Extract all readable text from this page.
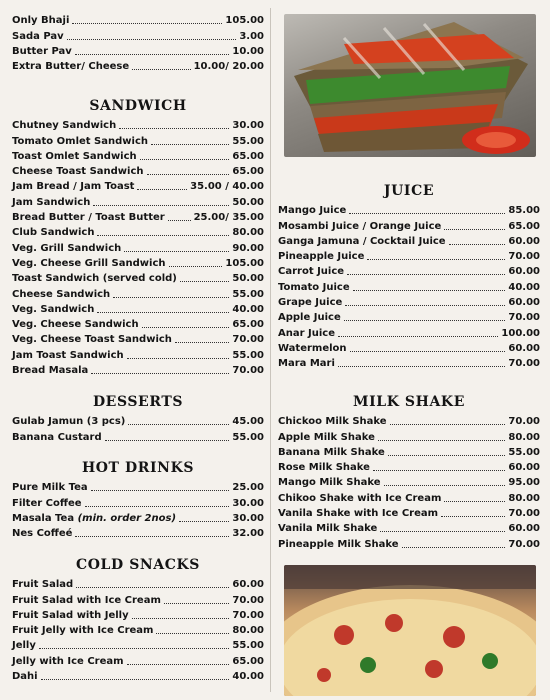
Only Bhaji	105.00
Sada Pav	3.00
Butter Pav	10.00
Extra Butter/ Cheese	10.00/ 20.00
SANDWICH
Chutney Sandwich	30.00
Tomato Omlet Sandwich	55.00
Toast Omlet Sandwich	65.00
Cheese Toast Sandwich	65.00
Jam Bread / Jam Toast	35.00 / 40.00
Jam Sandwich	50.00
Bread Butter / Toast Butter	25.00/ 35.00
Club Sandwich	80.00
Veg. Grill Sandwich	90.00
Veg. Cheese Grill Sandwich	105.00
Toast Sandwich (served cold)	50.00
Cheese Sandwich	55.00
Veg. Sandwich	40.00
Veg. Cheese Sandwich	65.00
Veg. Cheese Toast Sandwich	70.00
Jam Toast Sandwich	55.00
Bread Masala	70.00
DESSERTS
Gulab Jamun (3 pcs)	45.00
Banana Custard	55.00
HOT DRINKS
Pure Milk Tea	25.00
Filter Coffee	30.00
Masala Tea (min. order 2nos)	30.00
Nes Coffeé	32.00
COLD SNACKS
Fruit Salad	60.00
Fruit Salad with Ice Cream	70.00
Fruit Salad with Jelly	70.00
Fruit Jelly with Ice Cream	80.00
Jelly	55.00
Jelly with Ice Cream	65.00
Dahi	40.00
JUICE
Mango Juice	85.00
Mosambi Juice / Orange Juice	65.00
Ganga Jamuna / Cocktail Juice	60.00
Pineapple Juice	70.00
Carrot Juice	60.00
Tomato Juice	40.00
Grape Juice	60.00
Apple Juice	70.00
Anar Juice	100.00
Watermelon	60.00
Mara Mari	70.00
MILK SHAKE
Chickoo Milk Shake	70.00
Apple Milk Shake	80.00
Banana Milk Shake	55.00
Rose Milk Shake	60.00
Mango Milk Shake	95.00
Chikoo Shake with Ice Cream	80.00
Vanila Shake with Ice Cream	70.00
Vanila Milk Shake	60.00
Pineapple Milk Shake	70.00
